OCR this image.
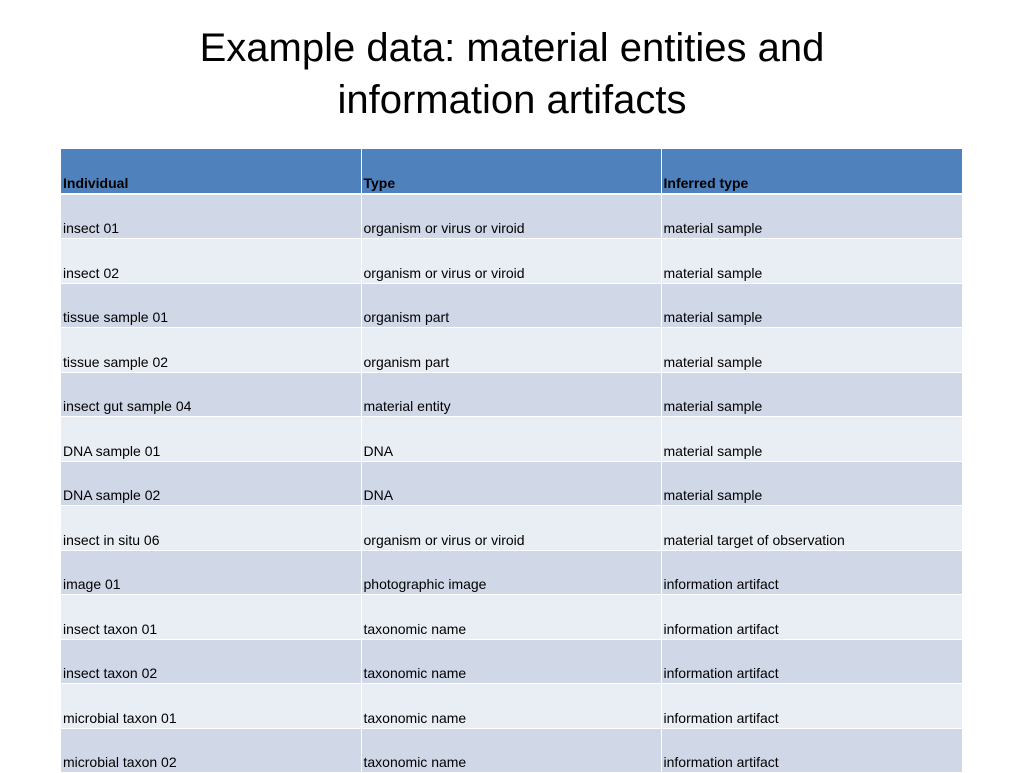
Example data: material entities and
information artifacts
Individual	Type	Inferred type
insect 01	organism or virus or viroid	material sample
insect 02	organism or virus or viroid	material sample
tissue sample 01	organism part	material sample
tissue sample 02	organism part	material sample
insect gut sample 04	material entity	material sample
DNA sample 01	DNA	material sample
DNA sample 02	DNA	material sample
insect in situ 06	organism or virus or viroid	material target of observation
image 01	photographic image	information artifact
insect taxon 01	taxonomic name	information artifact
insect taxon 02	taxonomic name	information artifact
microbial taxon 01	taxonomic name	information artifact
microbial taxon 02	taxonomic name	information artifact
